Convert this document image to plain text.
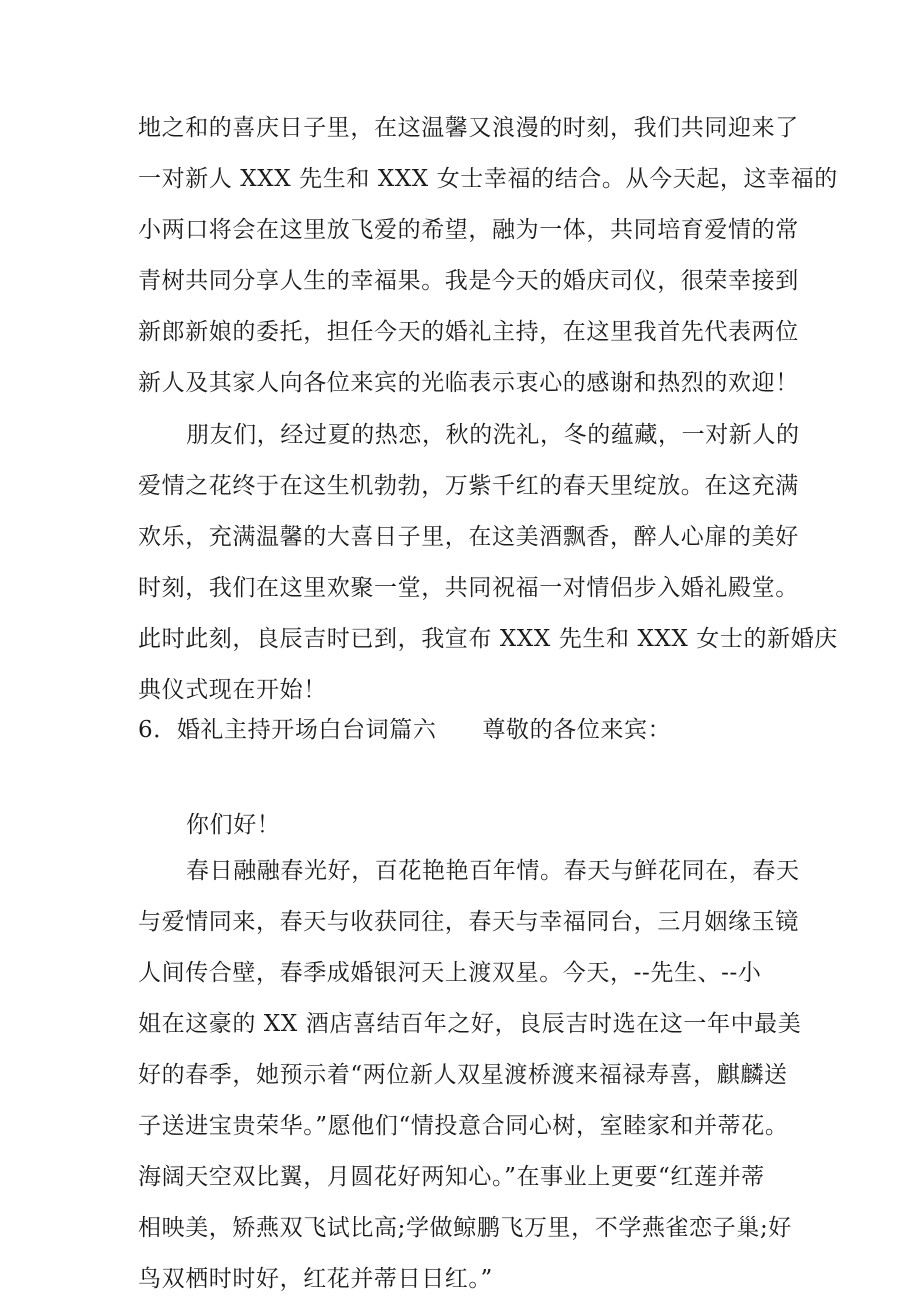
地之和的喜庆日子里，在这温馨又浪漫的时刻，我们共同迎来了
一对新人 XXX 先生和 XXX 女士幸福的结合。从今天起，这幸福的
小两口将会在这里放飞爱的希望，融为一体，共同培育爱情的常
青树共同分享人生的幸福果。我是今天的婚庆司仪，很荣幸接到
新郎新娘的委托，担任今天的婚礼主持，在这里我首先代表两位
新人及其家人向各位来宾的光临表示衷心的感谢和热烈的欢迎！
朋友们，经过夏的热恋，秋的洗礼，冬的蕴藏，一对新人的
爱情之花终于在这生机勃勃，万紫千红的春天里绽放。在这充满
欢乐，充满温馨的大喜日子里，在这美酒飘香，醉人心扉的美好
时刻，我们在这里欢聚一堂，共同祝福一对情侣步入婚礼殿堂。
此时此刻，良辰吉时已到，我宣布 XXX 先生和 XXX 女士的新婚庆
典仪式现在开始！
6．婚礼主持开场白台词篇六 尊敬的各位来宾：
你们好！
春日融融春光好，百花艳艳百年情。春天与鲜花同在，春天
与爱情同来，春天与收获同往，春天与幸福同台，三月姻缘玉镜
人间传合壁，春季成婚银河天上渡双星。今天，--先生、--小
姐在这豪的 XX 酒店喜结百年之好，良辰吉时选在这一年中最美
好的春季，她预示着“两位新人双星渡桥渡来福禄寿喜，麒麟送
子送进宝贵荣华。”愿他们“情投意合同心树，室睦家和并蒂花。
海阔天空双比翼，月圆花好两知心。”在事业上更要“红莲并蒂
相映美，矫燕双飞试比高;学做鲸鹏飞万里，不学燕雀恋子巢;好
鸟双栖时时好，红花并蒂日日红。”
